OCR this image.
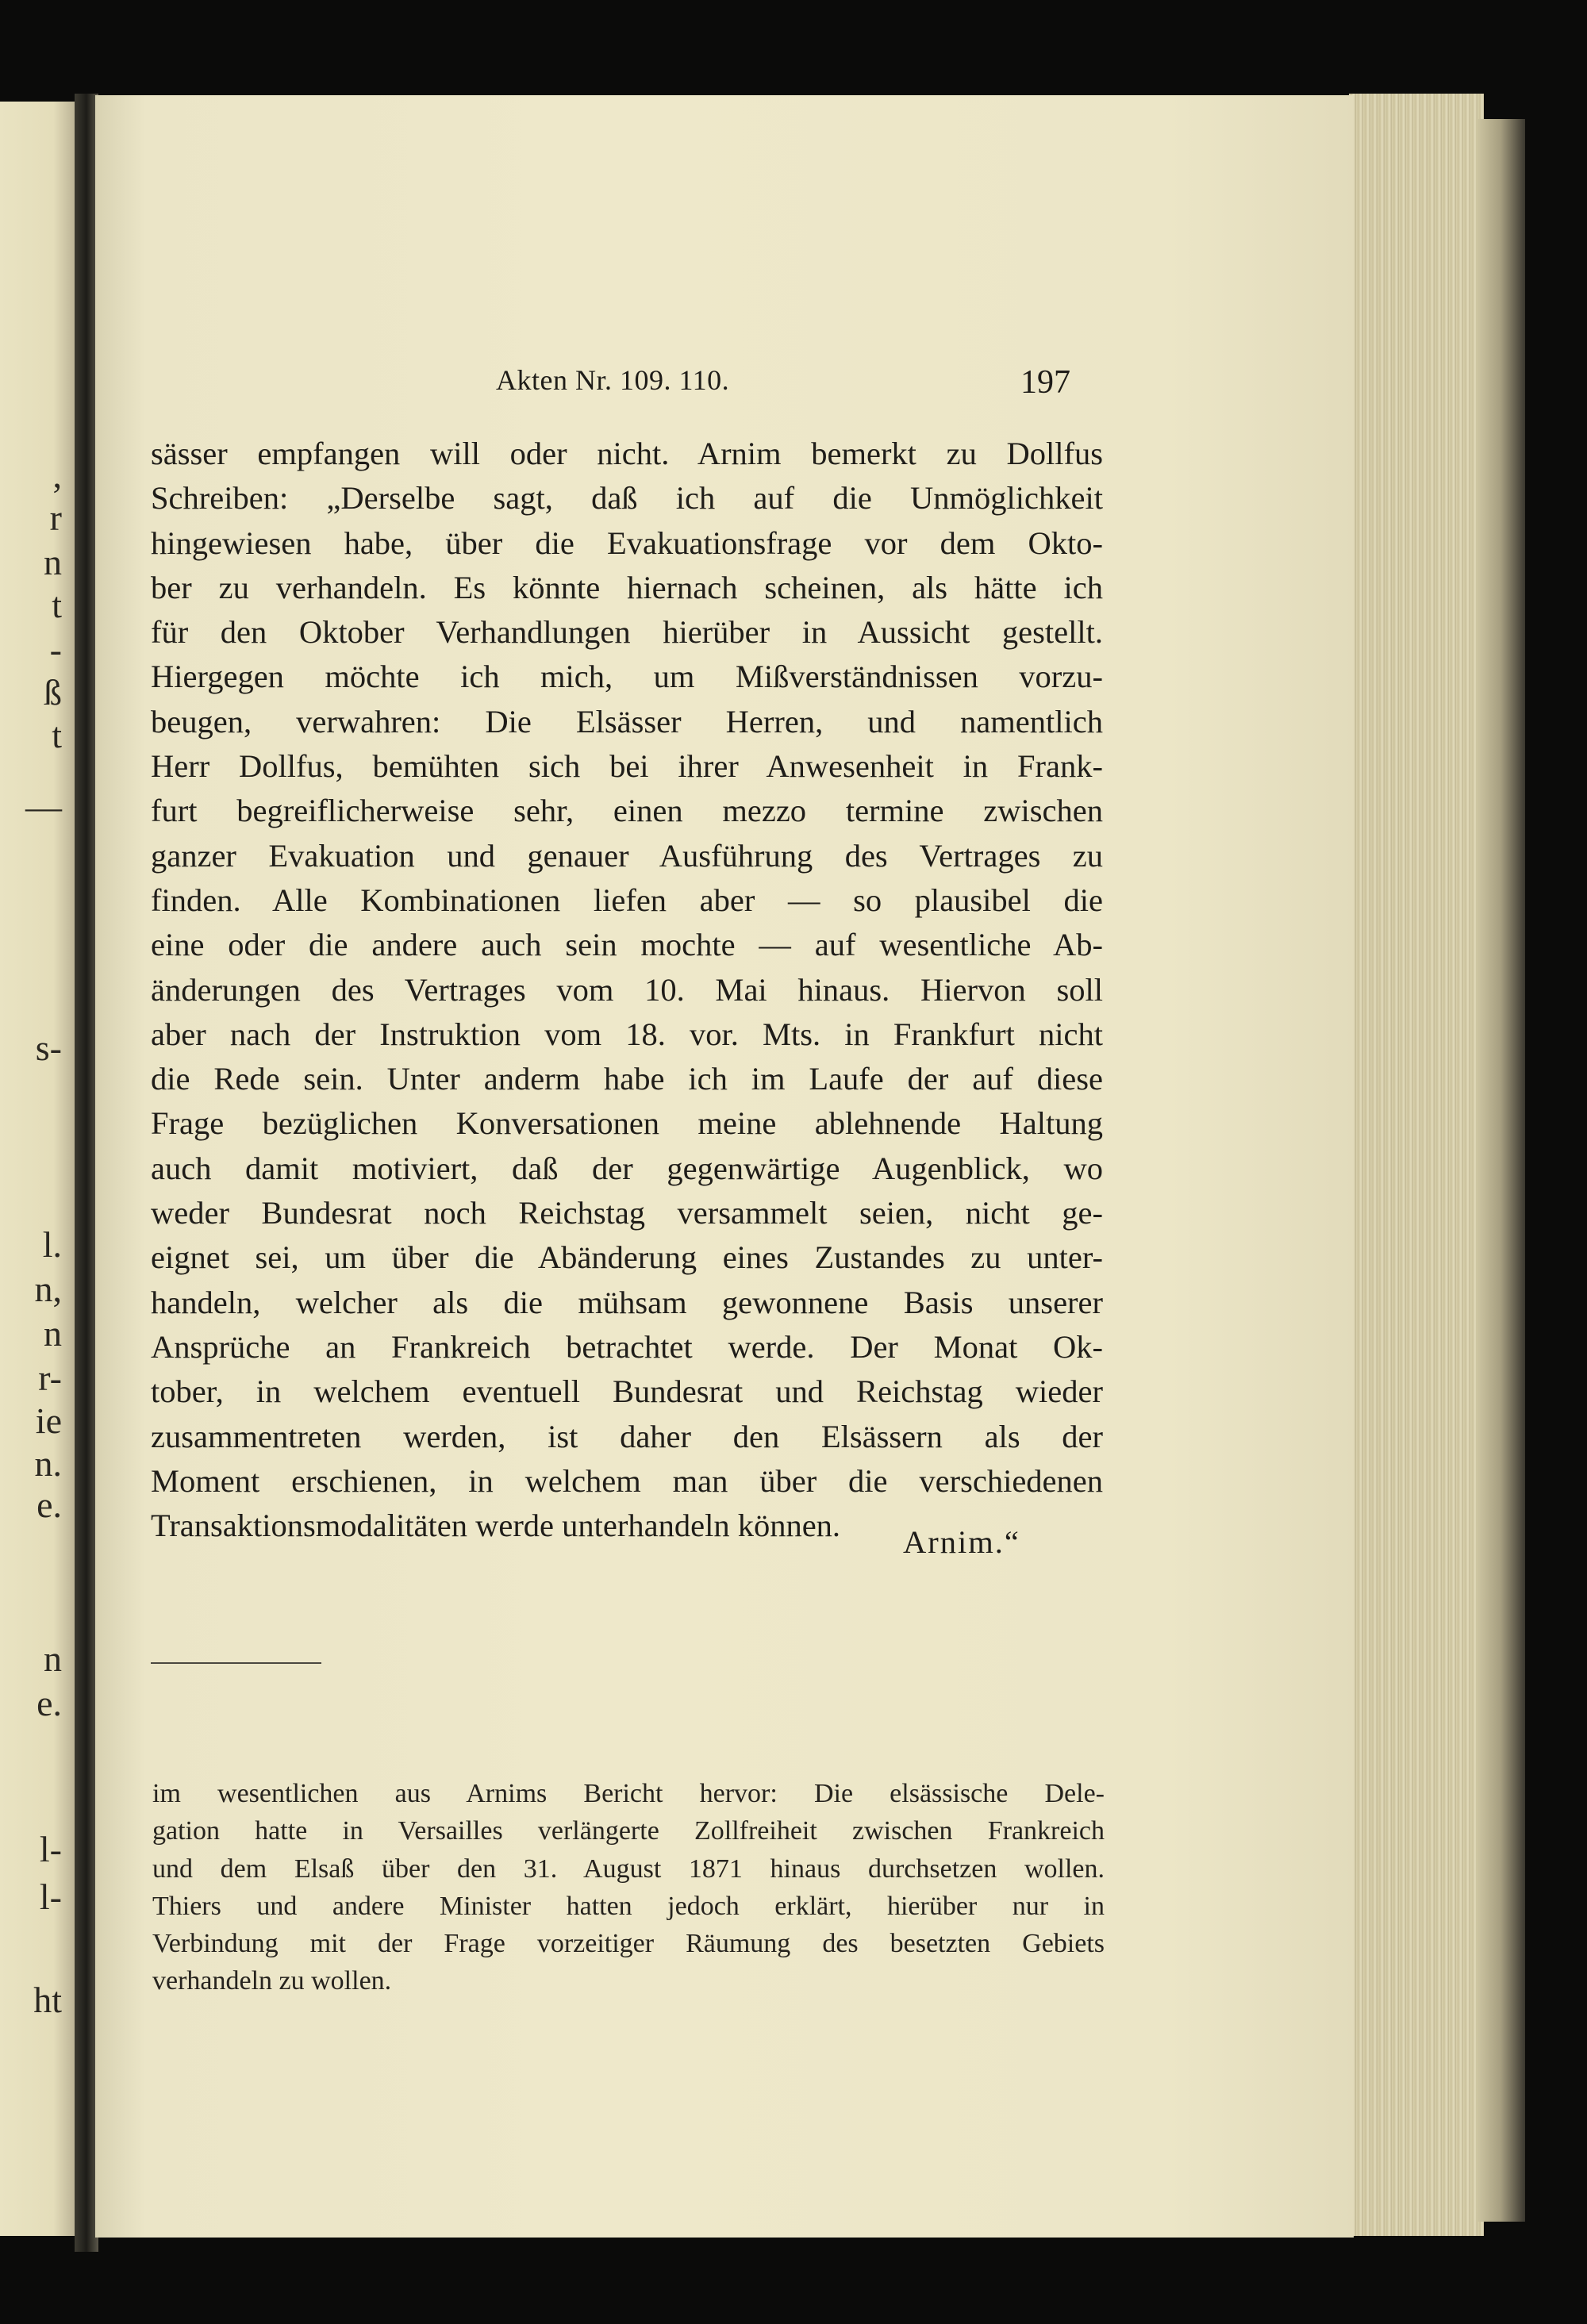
,
r
n
t
-
ß
t
—
s-
l.
n,
n
r-
ie
n.
e.
n
e.
l-
l-
ht
Akten Nr. 109. 110.	197
sässer empfangen will oder nicht. Arnim bemerkt zu Dollfus
Schreiben: „Derselbe sagt, daß ich auf die Unmöglichkeit
hingewiesen habe, über die Evakuationsfrage vor dem Okto-
ber zu verhandeln. Es könnte hiernach scheinen, als hätte ich
für den Oktober Verhandlungen hierüber in Aussicht gestellt.
Hiergegen möchte ich mich, um Mißverständnissen vorzu-
beugen, verwahren: Die Elsässer Herren, und namentlich
Herr Dollfus, bemühten sich bei ihrer Anwesenheit in Frank-
furt begreiflicherweise sehr, einen mezzo termine zwischen
ganzer Evakuation und genauer Ausführung des Vertrages zu
finden. Alle Kombinationen liefen aber — so plausibel die
eine oder die andere auch sein mochte — auf wesentliche Ab-
änderungen des Vertrages vom 10. Mai hinaus. Hiervon soll
aber nach der Instruktion vom 18. vor. Mts. in Frankfurt nicht
die Rede sein. Unter anderm habe ich im Laufe der auf diese
Frage bezüglichen Konversationen meine ablehnende Haltung
auch damit motiviert, daß der gegenwärtige Augenblick, wo
weder Bundesrat noch Reichstag versammelt seien, nicht ge-
eignet sei, um über die Abänderung eines Zustandes zu unter-
handeln, welcher als die mühsam gewonnene Basis unserer
Ansprüche an Frankreich betrachtet werde. Der Monat Ok-
tober, in welchem eventuell Bundesrat und Reichstag wieder
zusammentreten werden, ist daher den Elsässern als der
Moment erschienen, in welchem man über die verschiedenen
Transaktionsmodalitäten werde unterhandeln können.	Arnim.“
im wesentlichen aus Arnims Bericht hervor: Die elsässische Dele-
gation hatte in Versailles verlängerte Zollfreiheit zwischen Frankreich
und dem Elsaß über den 31. August 1871 hinaus durchsetzen wollen.
Thiers und andere Minister hatten jedoch erklärt, hierüber nur in
Verbindung mit der Frage vorzeitiger Räumung des besetzten Gebiets
verhandeln zu wollen.
